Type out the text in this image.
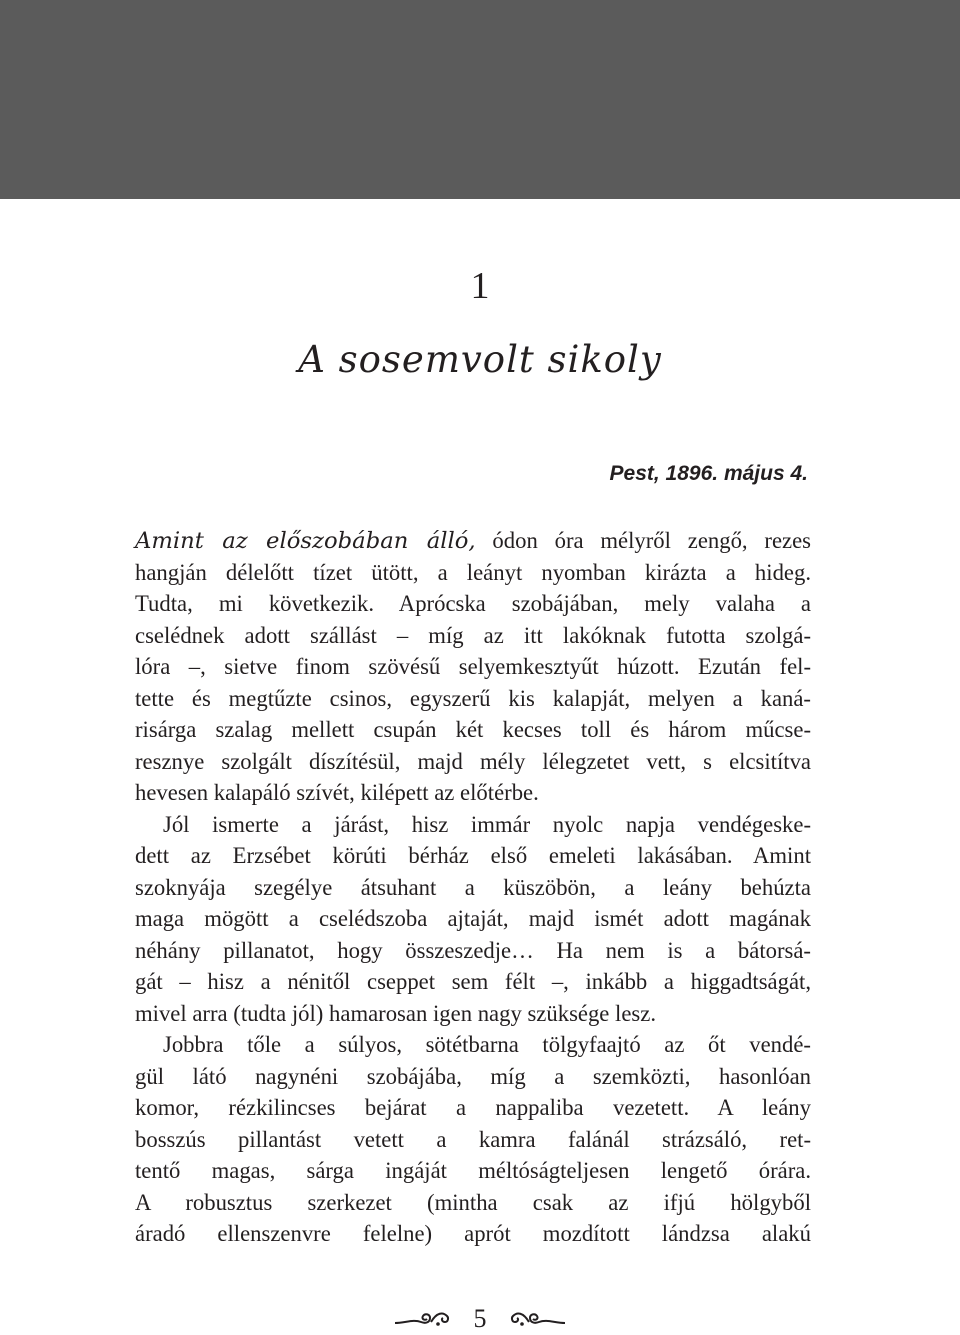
1
A sosemvolt sikoly
Pest, 1896. május 4.
Amint az előszobában álló, ódon óra mélyről zengő, rezes
hangján délelőtt tízet ütött, a leányt nyomban kirázta a hideg.
Tudta, mi következik. Aprócska szobájában, mely valaha a
cselédnek adott szállást – míg az itt lakóknak futotta szolgá-
lóra –, sietve finom szövésű selyemkesztyűt húzott. Ezután fel-
tette és megtűzte csinos, egyszerű kis kalapját, melyen a kaná-
risárga szalag mellett csupán két kecses toll és három műcse-
resznye szolgált díszítésül, majd mély lélegzetet vett, s elcsitítva
hevesen kalapáló szívét, kilépett az előtérbe.
Jól ismerte a járást, hisz immár nyolc napja vendégeske-
dett az Erzsébet körúti bérház első emeleti lakásában. Amint
szoknyája szegélye átsuhant a küszöbön, a leány behúzta
maga mögött a cselédszoba ajtaját, majd ismét adott magának
néhány pillanatot, hogy összeszedje… Ha nem is a bátorsá-
gát – hisz a nénitől cseppet sem félt –, inkább a higgadtságát,
mivel arra (tudta jól) hamarosan igen nagy szüksége lesz.
Jobbra tőle a súlyos, sötétbarna tölgyfaajtó az őt vendé-
gül látó nagynéni szobájába, míg a szemközti, hasonlóan
komor, rézkilincses bejárat a nappaliba vezetett. A leány
bosszús pillantást vetett a kamra falánál strázsáló, ret-
tentő magas, sárga ingáját méltóságteljesen lengető órára.
A robusztus szerkezet (mintha csak az ifjú hölgyből
áradó ellenszenvre felelne) aprót mozdított lándzsa alakú
5
